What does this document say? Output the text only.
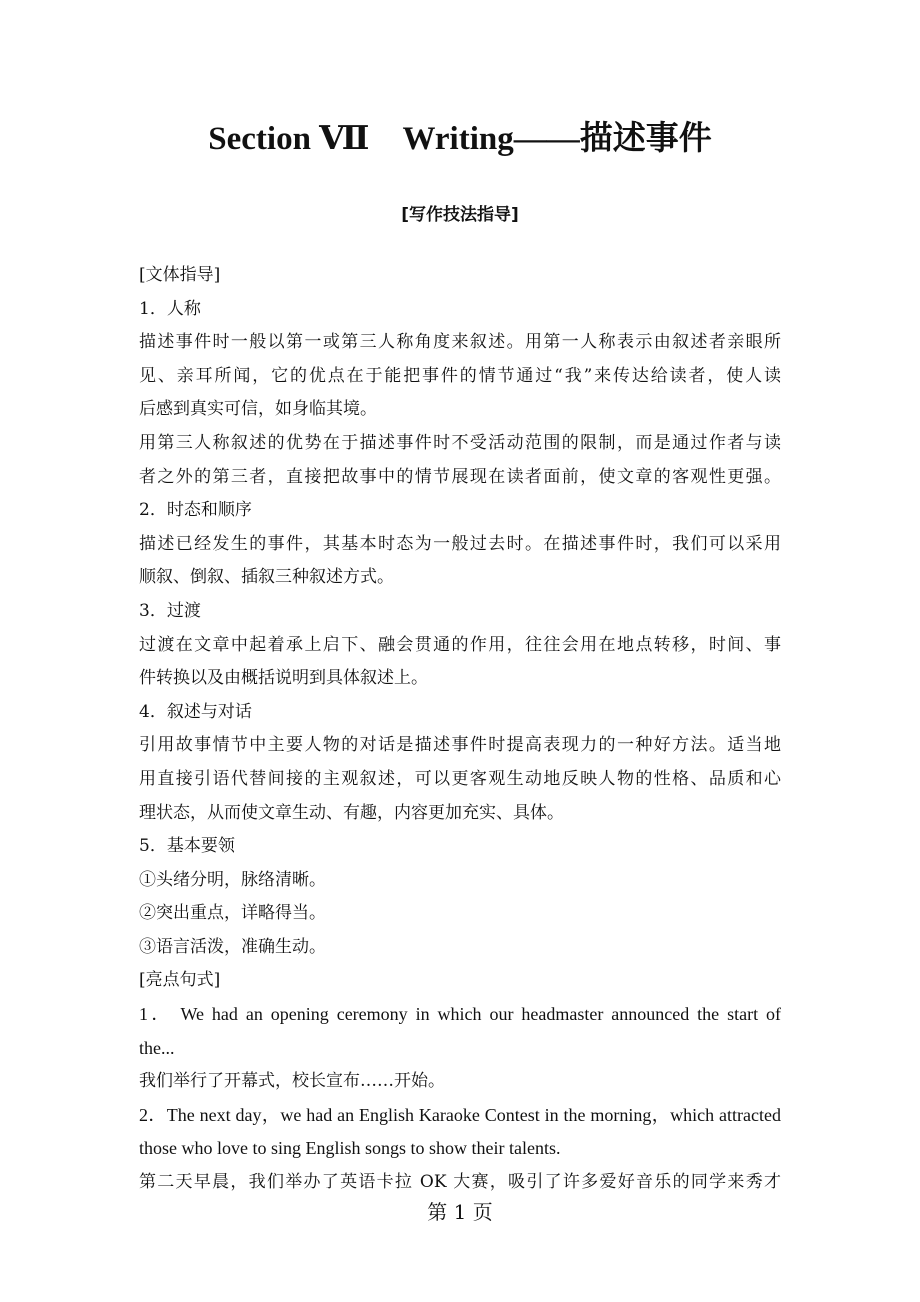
Section Ⅶ　Writing——描述事件
[写作技法指导]
[文体指导]
1．人称
描述事件时一般以第一或第三人称角度来叙述。用第一人称表示由叙述者亲眼所
见、亲耳所闻，它的优点在于能把事件的情节通过“我”来传达给读者，使人读
后感到真实可信，如身临其境。
用第三人称叙述的优势在于描述事件时不受活动范围的限制，而是通过作者与读
者之外的第三者，直接把故事中的情节展现在读者面前，使文章的客观性更强。
2．时态和顺序
描述已经发生的事件，其基本时态为一般过去时。在描述事件时，我们可以采用
顺叙、倒叙、插叙三种叙述方式。
3．过渡
过渡在文章中起着承上启下、融会贯通的作用，往往会用在地点转移，时间、事
件转换以及由概括说明到具体叙述上。
4．叙述与对话
引用故事情节中主要人物的对话是描述事件时提高表现力的一种好方法。适当地
用直接引语代替间接的主观叙述，可以更客观生动地反映人物的性格、品质和心
理状态，从而使文章生动、有趣，内容更加充实、具体。
5．基本要领
①头绪分明，脉络清晰。
②突出重点，详略得当。
③语言活泼，准确生动。
[亮点句式]
1． We had an opening ceremony in which our headmaster announced the start of
the...
我们举行了开幕式，校长宣布……开始。
2．The next day，we had an English Karaoke Contest in the morning，which attracted
those who love to sing English songs to show their talents.
第二天早晨，我们举办了英语卡拉 OK 大赛，吸引了许多爱好音乐的同学来秀才
第 1 页
